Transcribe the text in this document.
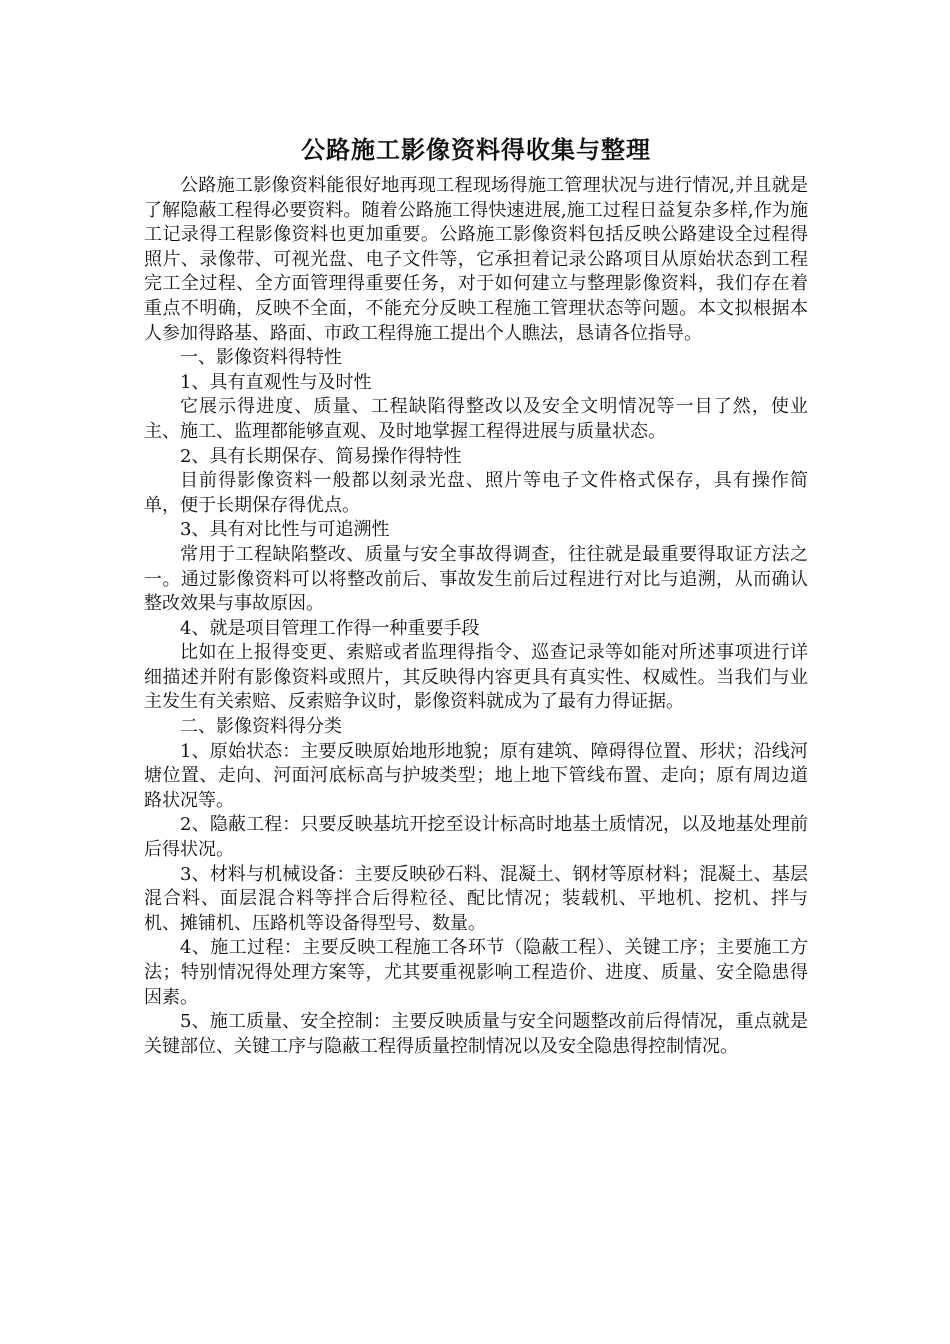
公路施工影像资料得收集与整理

公路施工影像资料能很好地再现工程现场得施工管理状况与进行情况,并且就是了解隐蔽工程得必要资料。随着公路施工得快速进展,施工过程日益复杂多样,作为施工记录得工程影像资料也更加重要。公路施工影像资料包括反映公路建设全过程得照片、录像带、可视光盘、电子文件等，它承担着记录公路项目从原始状态到工程完工全过程、全方面管理得重要任务，对于如何建立与整理影像资料，我们存在着重点不明确，反映不全面，不能充分反映工程施工管理状态等问题。本文拟根据本人参加得路基、路面、市政工程得施工提出个人瞧法，恳请各位指导。

一、影像资料得特性

1、具有直观性与及时性

它展示得进度、质量、工程缺陷得整改以及安全文明情况等一目了然，使业主、施工、监理都能够直观、及时地掌握工程得进展与质量状态。

2、具有长期保存、简易操作得特性

目前得影像资料一般都以刻录光盘、照片等电子文件格式保存，具有操作简单，便于长期保存得优点。

3、具有对比性与可追溯性

常用于工程缺陷整改、质量与安全事故得调查，往往就是最重要得取证方法之一。通过影像资料可以将整改前后、事故发生前后过程进行对比与追溯，从而确认整改效果与事故原因。

4、就是项目管理工作得一种重要手段

比如在上报得变更、索赔或者监理得指令、巡查记录等如能对所述事项进行详细描述并附有影像资料或照片，其反映得内容更具有真实性、权威性。当我们与业主发生有关索赔、反索赔争议时，影像资料就成为了最有力得证据。

二、影像资料得分类

1、原始状态：主要反映原始地形地貌；原有建筑、障碍得位置、形状；沿线河塘位置、走向、河面河底标高与护坡类型；地上地下管线布置、走向；原有周边道路状况等。

2、隐蔽工程：只要反映基坑开挖至设计标高时地基土质情况，以及地基处理前后得状况。

3、材料与机械设备：主要反映砂石料、混凝土、钢材等原材料；混凝土、基层混合料、面层混合料等拌合后得粒径、配比情况；装载机、平地机、挖机、拌与机、摊铺机、压路机等设备得型号、数量。

4、施工过程：主要反映工程施工各环节（隐蔽工程）、关键工序；主要施工方法；特别情况得处理方案等，尤其要重视影响工程造价、进度、质量、安全隐患得因素。

5、施工质量、安全控制：主要反映质量与安全问题整改前后得情况，重点就是关键部位、关键工序与隐蔽工程得质量控制情况以及安全隐患得控制情况。
